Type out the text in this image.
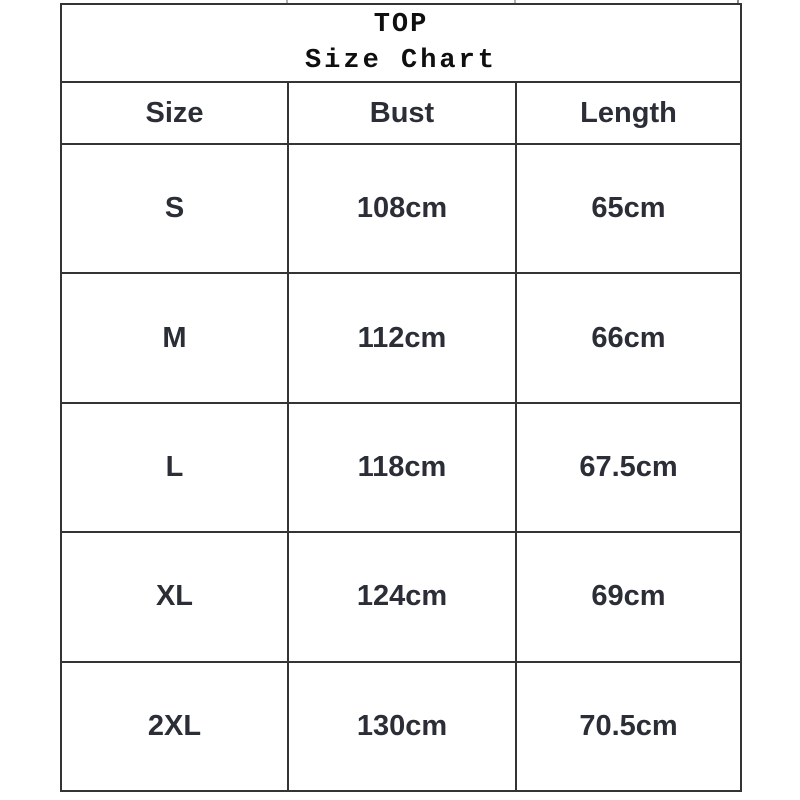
TOP
Size Chart		

Size	Bust	Length
S	108cm	65cm
M	112cm	66cm
L	118cm	67.5cm
XL	124cm	69cm
2XL	130cm	70.5cm
